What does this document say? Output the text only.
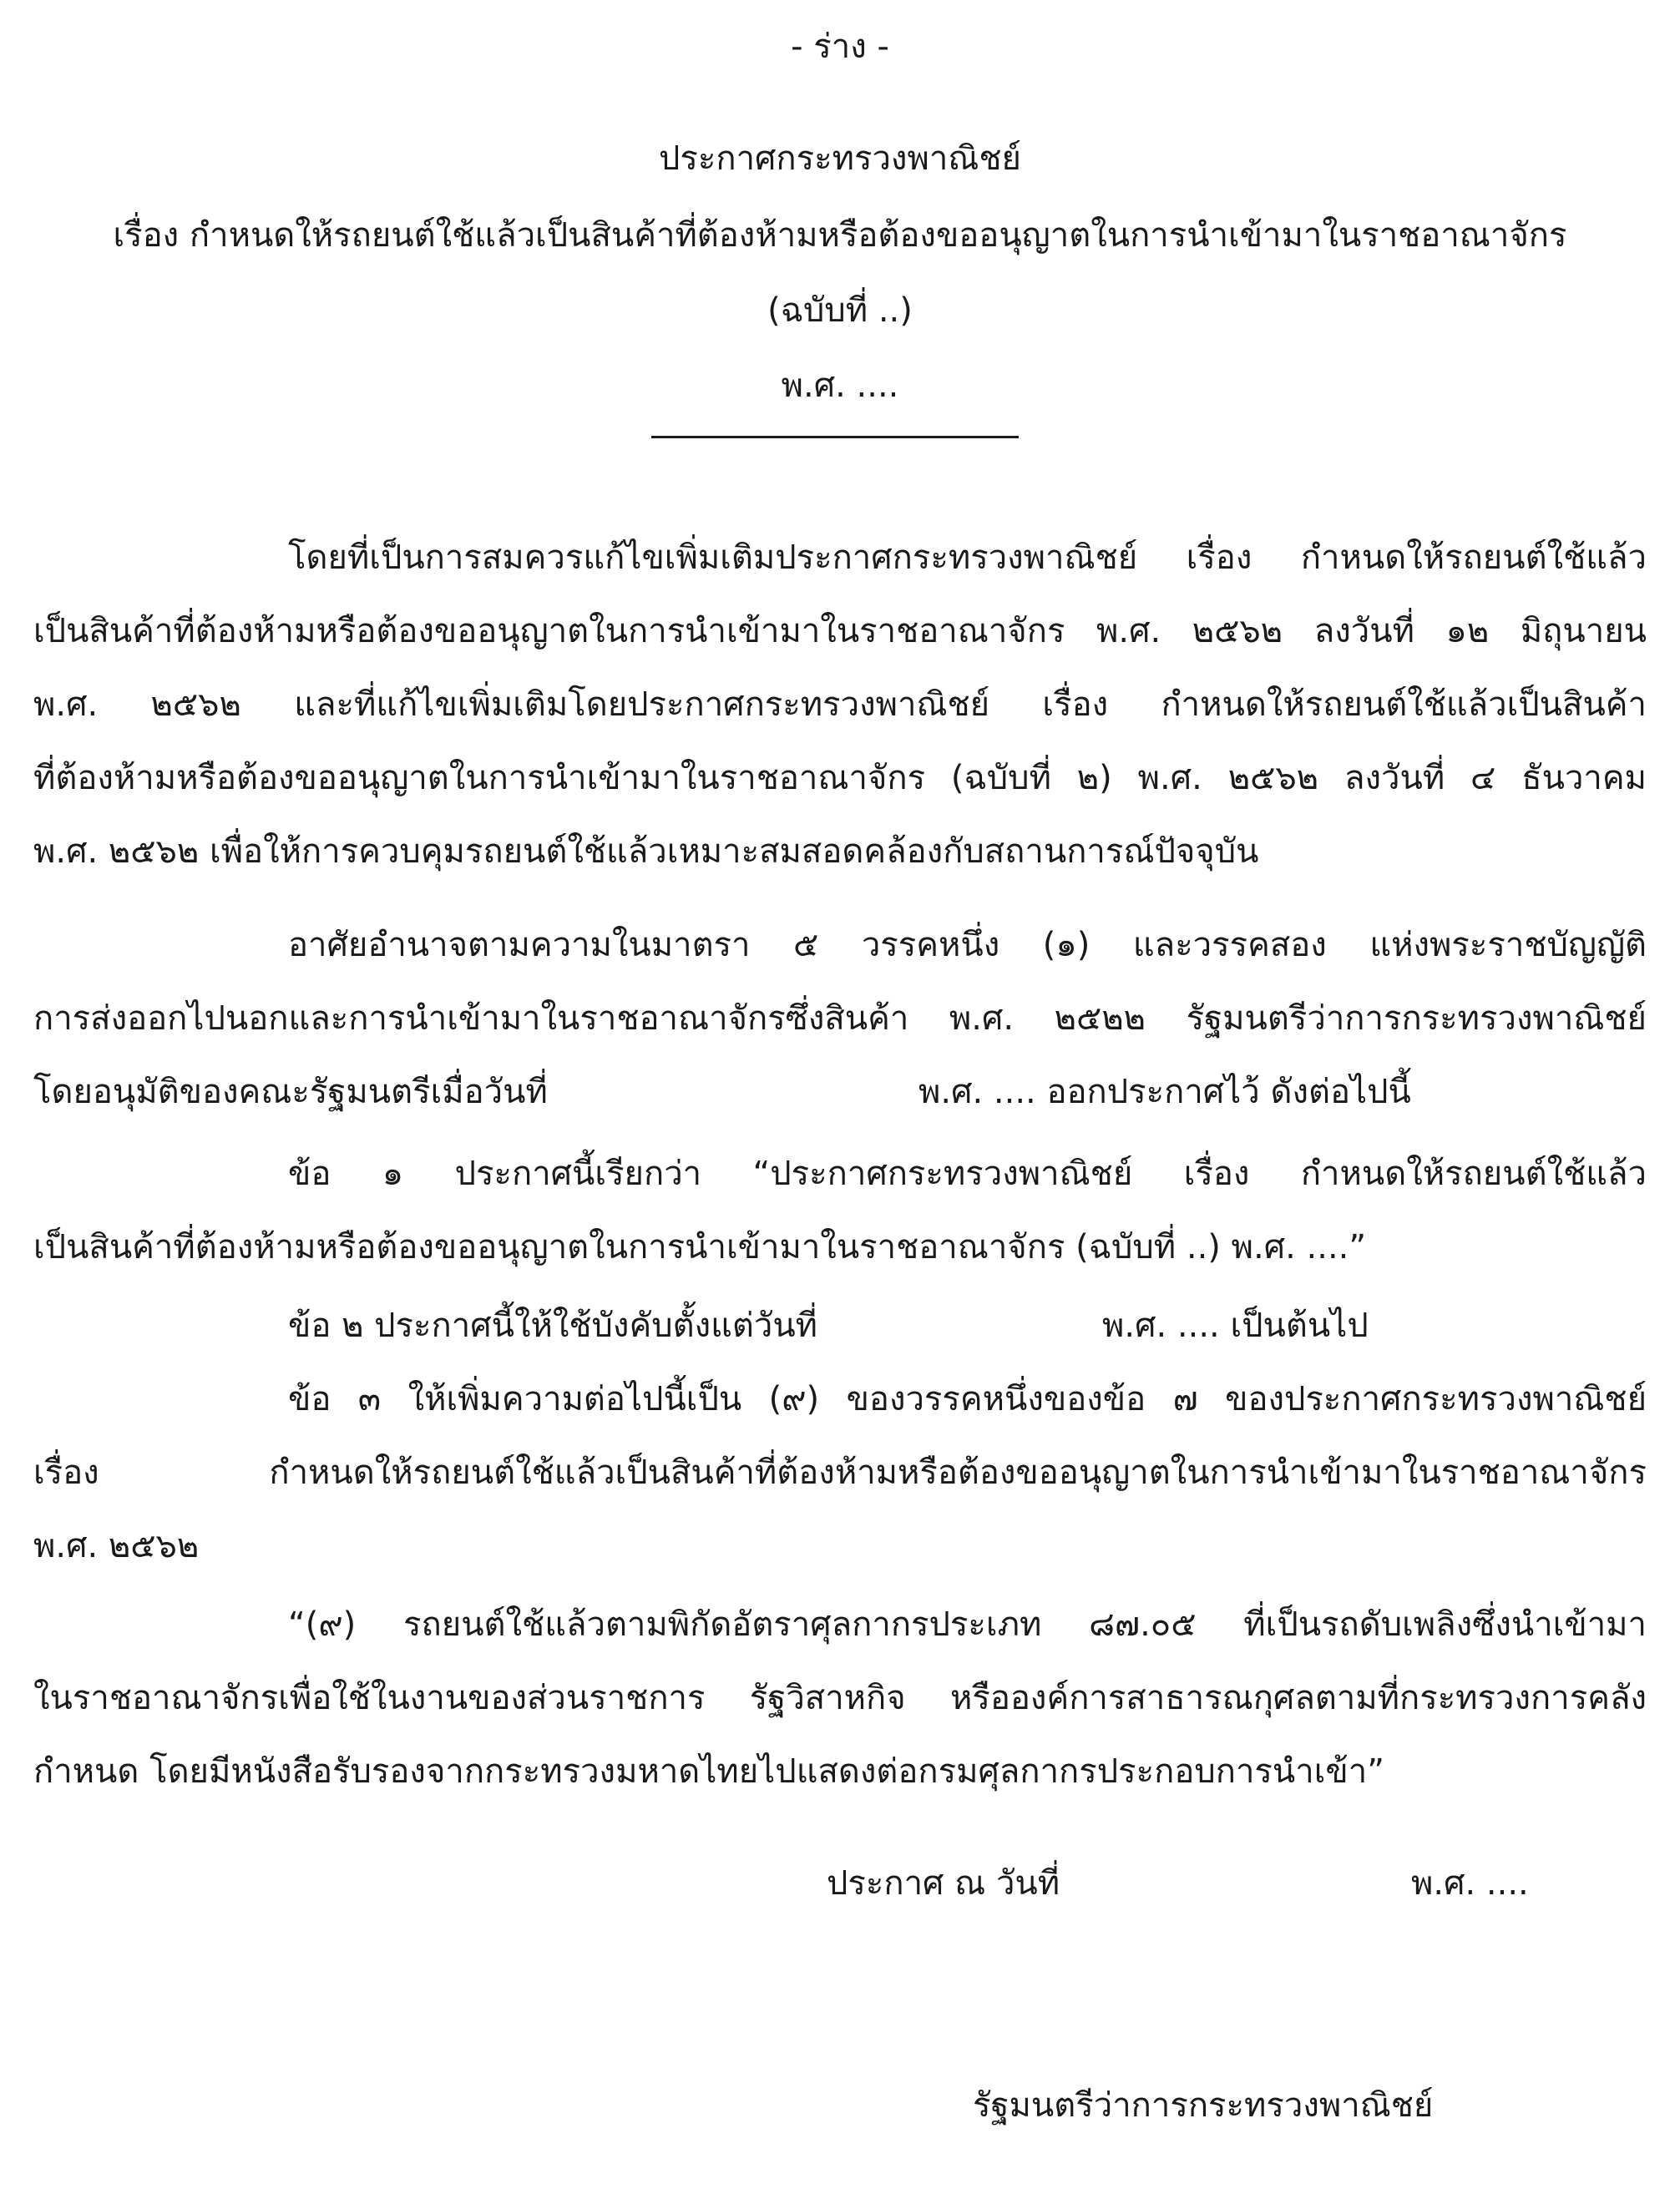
- ร่าง -
ประกาศกระทรวงพาณิชย์
เรื่อง กำหนดให้รถยนต์ใช้แล้วเป็นสินค้าที่ต้องห้ามหรือต้องขออนุญาตในการนำเข้ามาในราชอาณาจักร
(ฉบับที่ ..)
พ.ศ. ....
โดยที่เป็นการสมควรแก้ไขเพิ่มเติมประกาศกระทรวงพาณิชย์ เรื่อง กำหนดให้รถยนต์ใช้แล้ว
เป็นสินค้าที่ต้องห้ามหรือต้องขออนุญาตในการนำเข้ามาในราชอาณาจักร พ.ศ. ๒๕๖๒ ลงวันที่ ๑๒ มิถุนายน
พ.ศ. ๒๕๖๒ และที่แก้ไขเพิ่มเติมโดยประกาศกระทรวงพาณิชย์ เรื่อง กำหนดให้รถยนต์ใช้แล้วเป็นสินค้า
ที่ต้องห้ามหรือต้องขออนุญาตในการนำเข้ามาในราชอาณาจักร (ฉบับที่ ๒) พ.ศ. ๒๕๖๒ ลงวันที่ ๔ ธันวาคม
พ.ศ. ๒๕๖๒ เพื่อให้การควบคุมรถยนต์ใช้แล้วเหมาะสมสอดคล้องกับสถานการณ์ปัจจุบัน
อาศัยอำนาจตามความในมาตรา ๕ วรรคหนึ่ง (๑) และวรรคสอง แห่งพระราชบัญญัติ
การส่งออกไปนอกและการนำเข้ามาในราชอาณาจักรซึ่งสินค้า พ.ศ. ๒๕๒๒ รัฐมนตรีว่าการกระทรวงพาณิชย์
โดยอนุมัติของคณะรัฐมนตรีเมื่อวันที่	พ.ศ. .... ออกประกาศไว้ ดังต่อไปนี้
ข้อ ๑ ประกาศนี้เรียกว่า “ประกาศกระทรวงพาณิชย์ เรื่อง กำหนดให้รถยนต์ใช้แล้ว
เป็นสินค้าที่ต้องห้ามหรือต้องขออนุญาตในการนำเข้ามาในราชอาณาจักร (ฉบับที่ ..) พ.ศ. ....”
ข้อ ๒ ประกาศนี้ให้ใช้บังคับตั้งแต่วันที่	พ.ศ. .... เป็นต้นไป
ข้อ ๓ ให้เพิ่มความต่อไปนี้เป็น (๙) ของวรรคหนึ่งของข้อ ๗ ของประกาศกระทรวงพาณิชย์
เรื่อง กำหนดให้รถยนต์ใช้แล้วเป็นสินค้าที่ต้องห้ามหรือต้องขออนุญาตในการนำเข้ามาในราชอาณาจักร
พ.ศ. ๒๕๖๒
“(๙) รถยนต์ใช้แล้วตามพิกัดอัตราศุลกากรประเภท ๘๗.๐๕ ที่เป็นรถดับเพลิงซึ่งนำเข้ามา
ในราชอาณาจักรเพื่อใช้ในงานของส่วนราชการ รัฐวิสาหกิจ หรือองค์การสาธารณกุศลตามที่กระทรวงการคลัง
กำหนด โดยมีหนังสือรับรองจากกระทรวงมหาดไทยไปแสดงต่อกรมศุลกากรประกอบการนำเข้า”
ประกาศ ณ วันที่	พ.ศ. ....
รัฐมนตรีว่าการกระทรวงพาณิชย์
